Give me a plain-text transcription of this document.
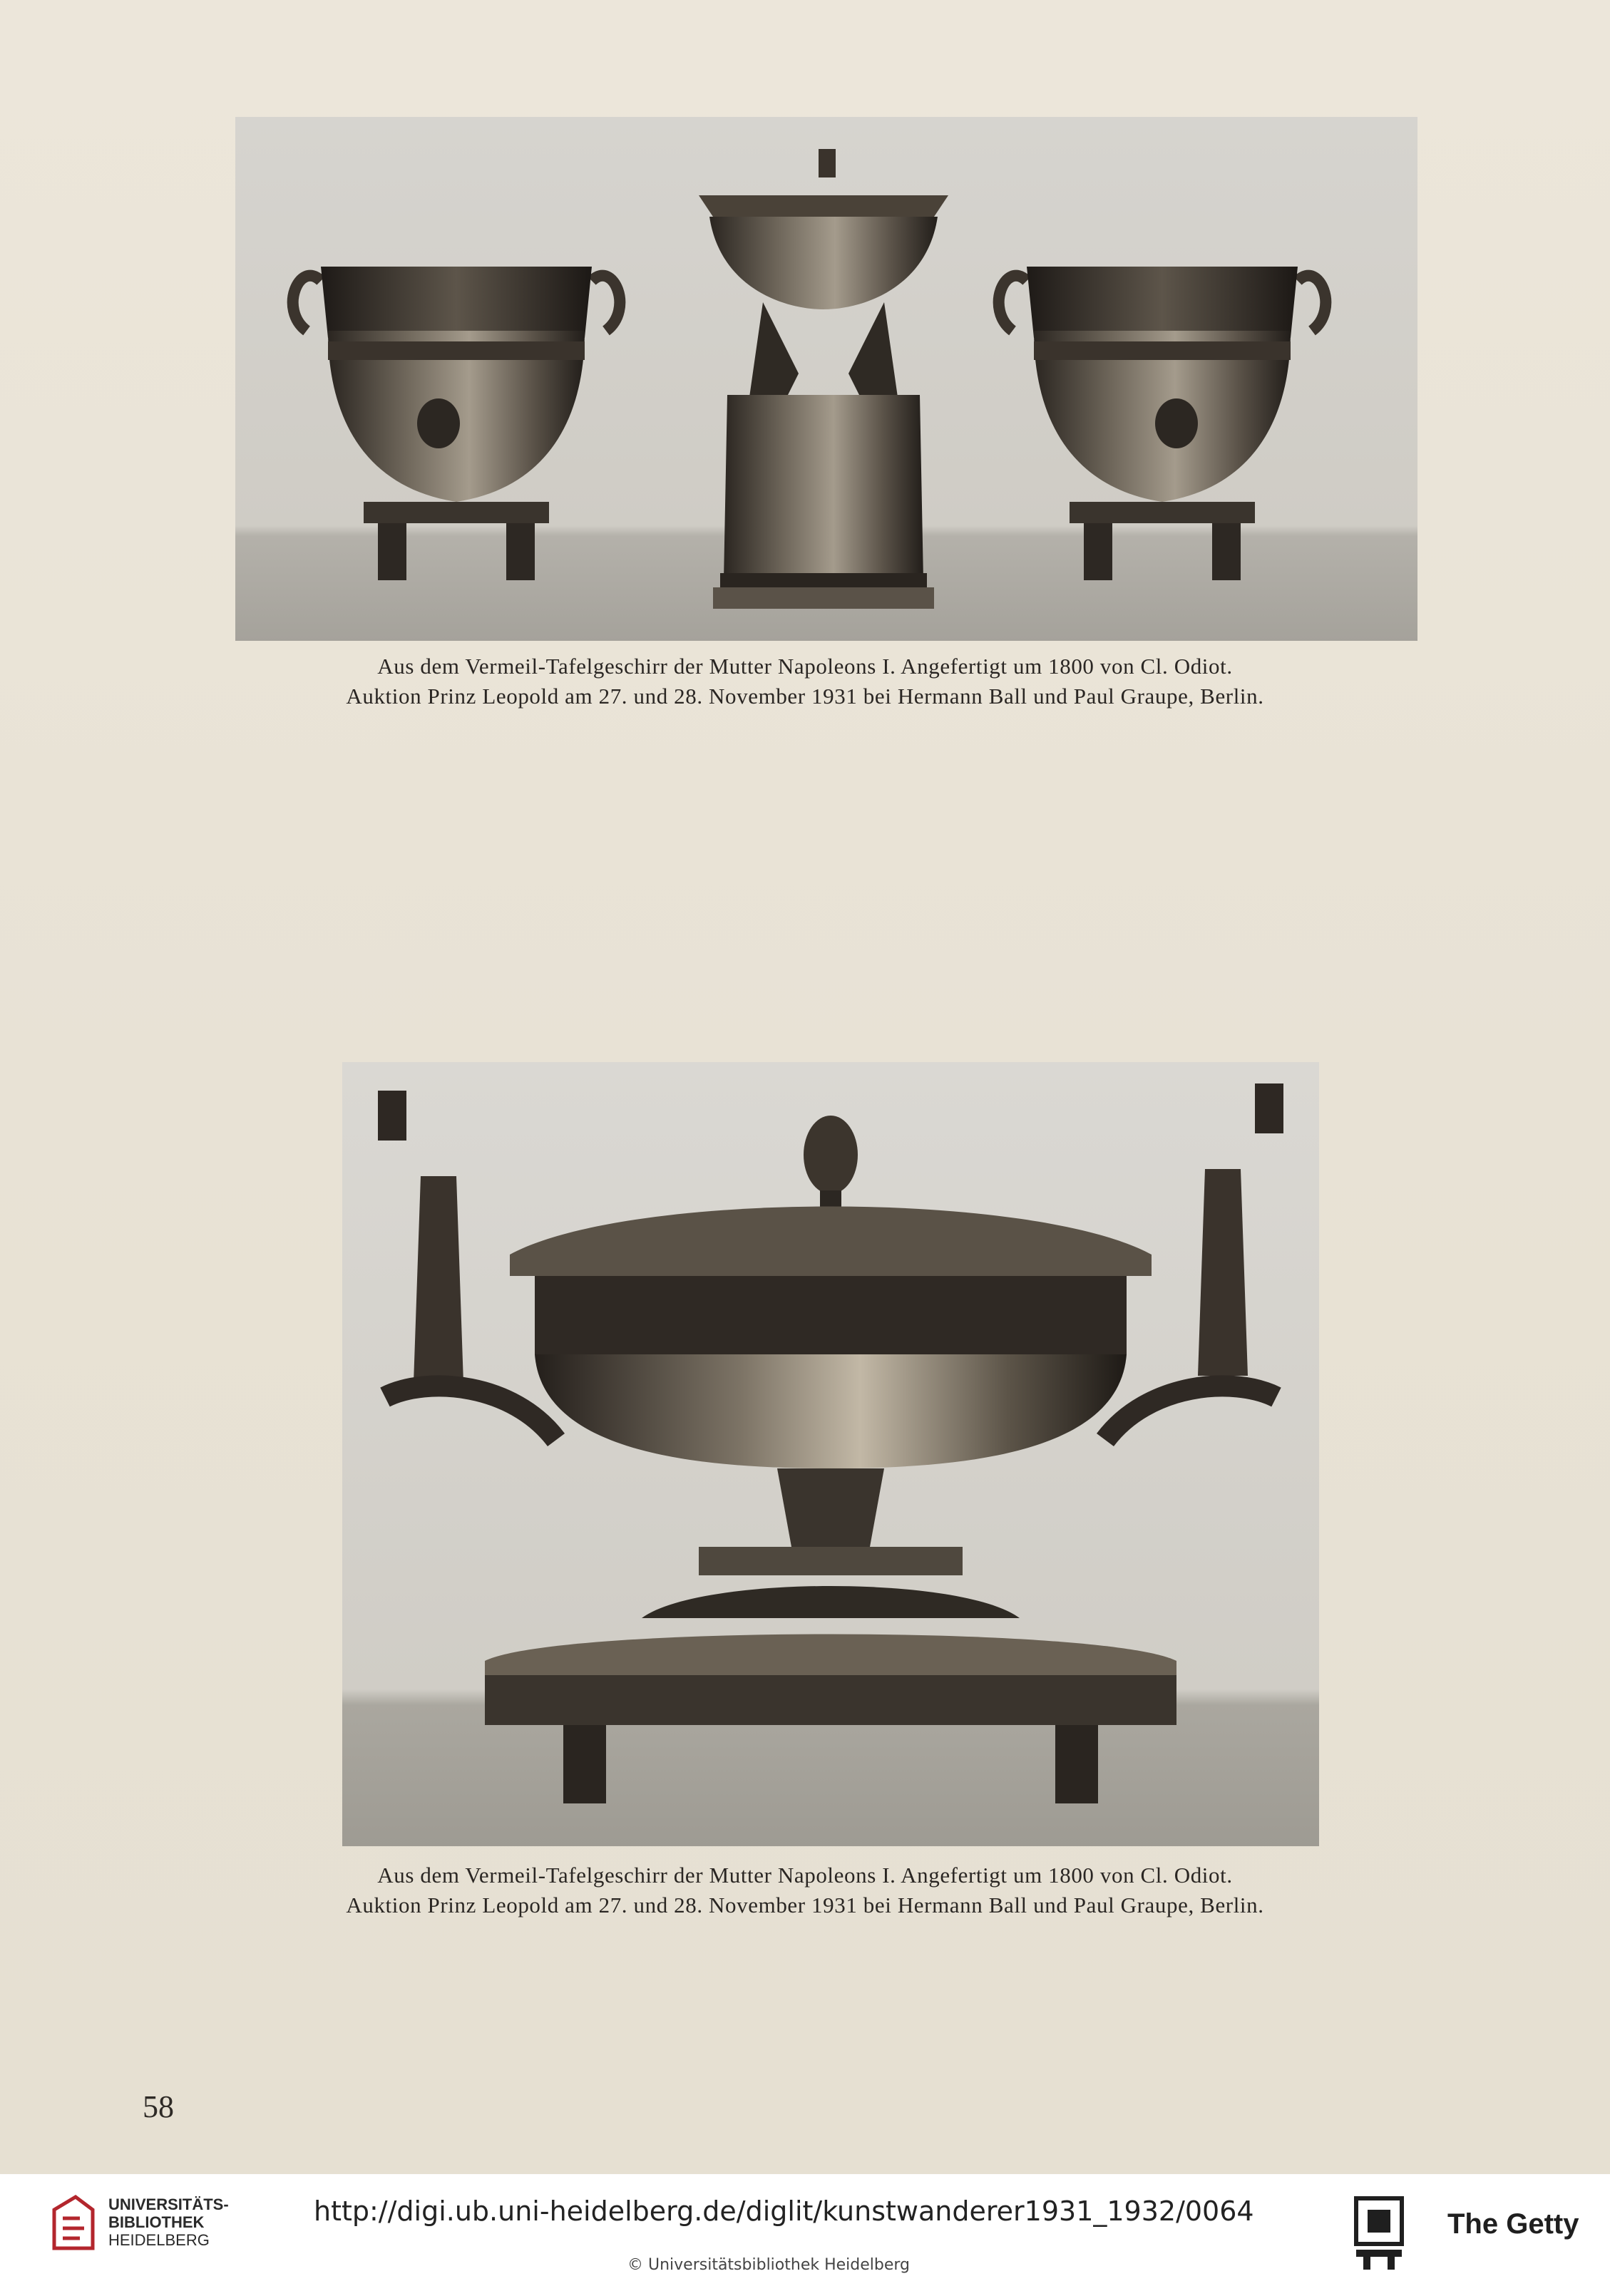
Aus dem Vermeil-Tafelgeschirr der Mutter Napoleons I. Angefertigt um 1800 von Cl. Odiot.
Auktion Prinz Leopold am 27. und 28. November 1931 bei Hermann Ball und Paul Graupe, Berlin.
Aus dem Vermeil-Tafelgeschirr der Mutter Napoleons I. Angefertigt um 1800 von Cl. Odiot.
Auktion Prinz Leopold am 27. und 28. November 1931 bei Hermann Ball und Paul Graupe, Berlin.
58
UNIVERSITÄTS-
BIBLIOTHEK
HEIDELBERG
http://digi.ub.uni-heidelberg.de/diglit/kunstwanderer1931_1932/0064
© Universitätsbibliothek Heidelberg
The Getty
